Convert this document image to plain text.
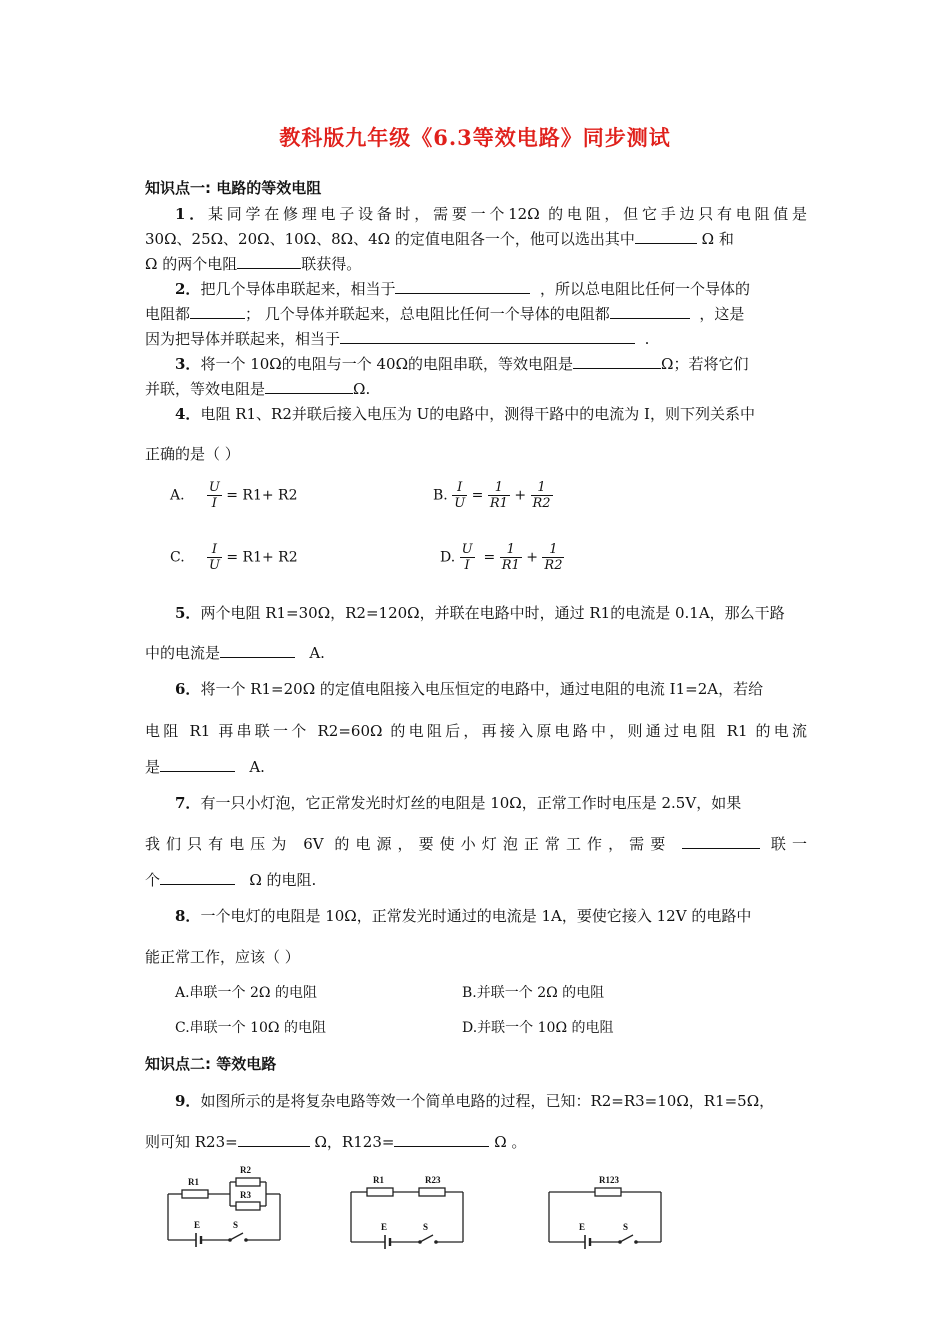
教科版九年级《6.3等效电路》同步测试
知识点一: 电路的等效电阻
1．某同学在修理电子设备时，需要一个12Ω 的电阻，但它手边只有电阻值是
30Ω、25Ω、20Ω、10Ω、8Ω、4Ω 的定值电阻各一个，他可以选出其中	Ω 和
Ω 的两个电阻	联获得。
2．把几个导体串联起来，相当于	，所以总电阻比任何一个导体的
电阻都	； 几个导体并联起来，总电阻比任何一个导体的电阻都	，这是
因为把导体并联起来，相当于	.
3．将一个 10Ω的电阻与一个 40Ω的电阻串联，等效电阻是	Ω；若将它们
并联，等效电阻是	Ω.
4．电阻 R1、R2并联后接入电压为 U的电路中，测得干路中的电流为 I，则下列关系中
正确的是（ ）
A. $\frac{U}{I} = R1+ R2$	B. $\frac{I}{U} = \frac{1}{R1} + \frac{1}{R2}$
C. $\frac{I}{U} = R1+ R2$	D. $\frac{U}{I} = \frac{1}{R1} + \frac{1}{R2}$
5．两个电阻 R1=30Ω，R2=120Ω，并联在电路中时，通过 R1的电流是 0.1A，那么干路
中的电流是	A.
6．将一个 R1=20Ω 的定值电阻接入电压恒定的电路中，通过电阻的电流 I1=2A，若给
电阻 R1 再串联一个 R2=60Ω 的电阻后，再接入原电路中，则通过电阻 R1 的电流
是	A.
7．有一只小灯泡，它正常发光时灯丝的电阻是 10Ω，正常工作时电压是 2.5V，如果
我们只有电压为 6V 的电源，要使小灯泡正常工作，需要	联一
个	Ω 的电阻.
8．一个电灯的电阻是 10Ω，正常发光时通过的电流是 1A，要使它接入 12V 的电路中
能正常工作，应该（ ）
A.串联一个 2Ω 的电阻	B.并联一个 2Ω 的电阻
C.串联一个 10Ω 的电阻	D.并联一个 10Ω 的电阻
知识点二: 等效电路
9．如图所示的是将复杂电路等效一个简单电路的过程，已知：R2=R3=10Ω，R1=5Ω，
则可知 R23=	Ω，R123=	Ω 。
R1
R2
R3
E	S
R1	R23
E	S
R123
E	S
